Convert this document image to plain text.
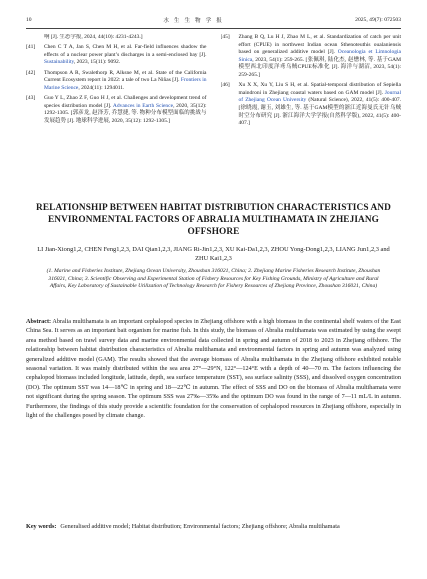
10	水 生 生 物 学 报	2025, 49(7): 072503
响 [J]. 生态学报, 2024, 44(10): 4231-4243.]
[41]	Chen C T A, Jan S, Chen M H, et al. Far-field influences shadow the effects of a nuclear power plant’s discharges in a semi-enclosed bay [J]. Sustainability, 2023, 15(11): 9092.
[42]	Thompson A R, Swalethorp R, Alksne M, et al. State of the California Current Ecosystem report in 2022: a tale of two La Niñas [J]. Frontiers in Marine Science, 2024(11): 1294011.
[43]	Guo Y L, Zhao Z F, Guo H J, et al. Challenges and development trend of species distribution model [J]. Advances in Earth Science, 2020, 35(12): 1292-1305. [郭彦龙, 赵泽芳, 乔慧捷, 等. 物种分布模型面临的挑战与发展趋势 [J]. 地球科学进展, 2020, 35(12): 1292-1305.]
[45]	Zhang B Q, Lu H J, Zhao M L, et al. Standardization of catch per unit effort (CPUE) in northwest Indian ocean Sthenoteuthis oualaniensis based on generalized additive model [J]. Oceanologia et Limnologia Sinica, 2023, 54(1): 259-265. [张佩琪, 陆化杰, 赵懋林, 等. 基于GAM模型西北印度洋鸢乌贼CPUE标准化 [J]. 海洋与湖沼, 2023, 54(1): 259-265.]
[46]	Xu X X, Xu Y, Liu S H, et al. Spatial-temporal distribution of Sepiella maindroni in Zhejiang coastal waters based on GAM model [J]. Journal of Zhejiang Ocean University (Natural Science), 2022, 41(5): 400-407. [徐晓霞, 谢玉, 刘雄生, 等. 基于GAM模型的浙江近海曼氏无针乌贼时空分布研究 [J]. 浙江海洋大学学报(自然科学版), 2022, 41(5): 400-407.]
RELATIONSHIP BETWEEN HABITAT DISTRIBUTION CHARACTERISTICS AND ENVIRONMENTAL FACTORS OF ABRALIA MULTIHAMATA IN ZHEJIANG OFFSHORE
LI Jian-Xiong1,2, CHEN Feng1,2,3, DAI Qian1,2,3, JIANG Ri-Jin1,2,3, XU Kai-Da1,2,3, ZHOU Yong-Dong1,2,3, LIANG Jun1,2,3 and ZHU Kai1,2,3
(1. Marine and Fisheries Institute, Zhejiang Ocean University, Zhoushan 316021, China; 2. Zhejiang Marine Fisheries Research Institute, Zhoushan 316021, China; 3. Scientific Observing and Experimental Station of Fishery Resources for Key Fishing Grounds, Ministry of Agriculture and Rural Affairs, Key Laboratory of Sustainable Utilization of Technology Research for Fishery Resources of Zhejiang Province, Zhoushan 316021, China)
Abstract: Abralia multihamata is an important cephalopod species in Zhejiang offshore with a high biomass in the continental shelf waters of the East China Sea. It serves as an important bait organism for marine fish. In this study, the biomass of Abralia multihamata was estimated by using the swept area method based on trawl survey data and marine environmental data collected in spring and autumn of 2018 to 2023 in Zhejiang offshore. The relationship between habitat distribution characteristics of Abralia multihamata and environmental factors in spring and autumn was analyzed using generalized additive model (GAM). The results showed that the average biomass of Abralia multihamata in the Zhejiang offshore exhibited notable seasonal variation. It was mainly distributed within the sea area 27°—29°N, 122°—124°E with a depth of 40—70 m. The factors influencing the cephalopod biomass included longitude, latitude, depth, sea surface temperature (SST), sea surface salinity (SSS), and dissolved oxygen concentration (DO). The optimum SST was 14—18℃ in spring and 18—22℃ in autumn. The effect of SSS and DO on the biomass of Abralia multihamata were not significant during the spring season. The optimum SSS was 27‰—35‰ and the optimum DO was found in the range of 7—11 mL/L in autumn. Furthermore, the findings of this study provide a scientific foundation for the conservation of cephalopod resources in Zhejiang offshore, especially in light of the challenges posed by climate change.
Key words: Generalised additive model; Habitat distribution; Environmental factors; Zhejiang offshore; Abralia multihamata
